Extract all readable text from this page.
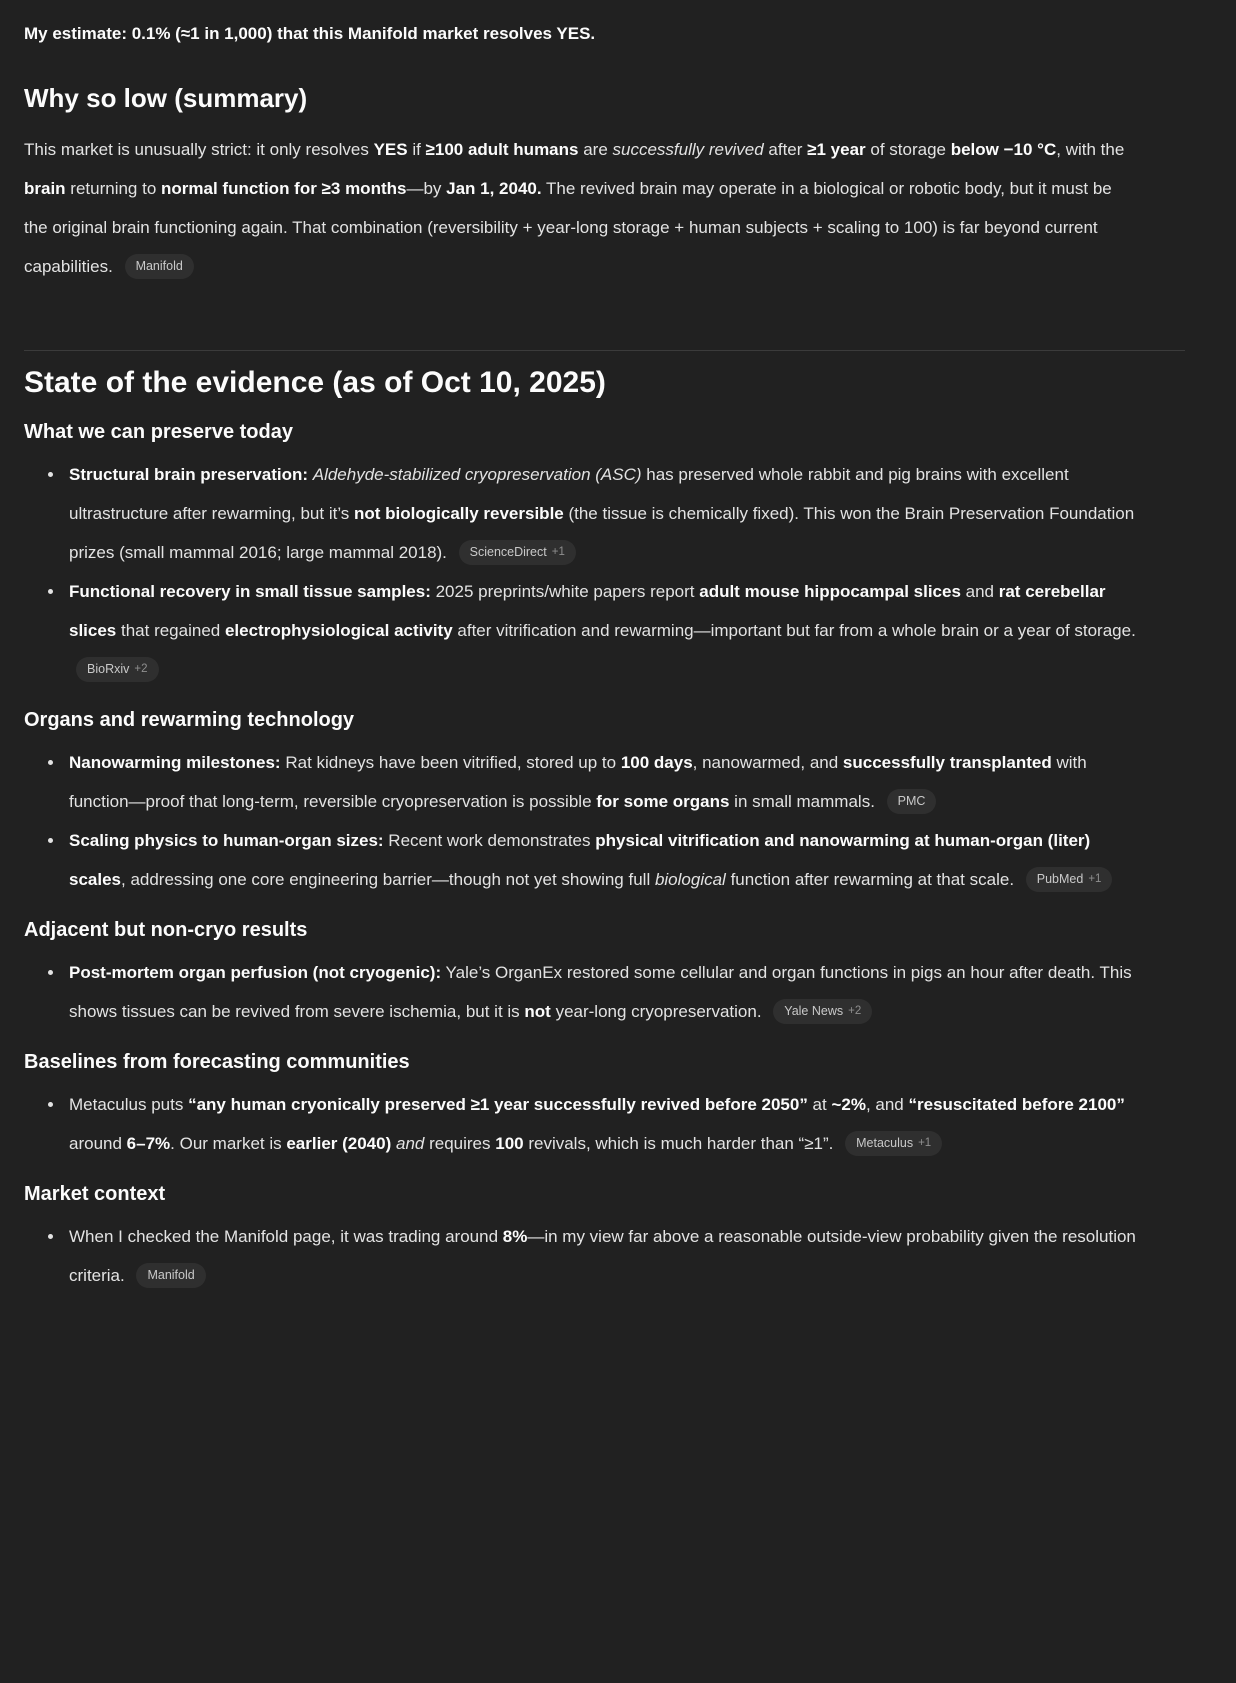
My estimate: 0.1% (≈1 in 1,000) that this Manifold market resolves YES.

Why so low (summary)

This market is unusually strict: it only resolves YES if ≥100 adult humans are successfully revived after ≥1 year of storage below −10 °C, with the brain returning to normal function for ≥3 months—by Jan 1, 2040. The revived brain may operate in a biological or robotic body, but it must be the original brain functioning again. That combination (reversibility + year-long storage + human subjects + scaling to 100) is far beyond current capabilities. Manifold

State of the evidence (as of Oct 10, 2025)
What we can preserve today
Structural brain preservation: Aldehyde-stabilized cryopreservation (ASC) has preserved whole rabbit and pig brains with excellent ultrastructure after rewarming, but it’s not biologically reversible (the tissue is chemically fixed). This won the Brain Preservation Foundation prizes (small mammal 2016; large mammal 2018). ScienceDirect +1
Functional recovery in small tissue samples: 2025 preprints/white papers report adult mouse hippocampal slices and rat cerebellar slices that regained electrophysiological activity after vitrification and rewarming—important but far from a whole brain or a year of storage.
BioRxiv +2
Organs and rewarming technology
Nanowarming milestones: Rat kidneys have been vitrified, stored up to 100 days, nanowarmed, and successfully transplanted with function—proof that long-term, reversible cryopreservation is possible for some organs in small mammals. PMC
Scaling physics to human-organ sizes: Recent work demonstrates physical vitrification and nanowarming at human-organ (liter) scales, addressing one core engineering barrier—though not yet showing full biological function after rewarming at that scale. PubMed +1
Adjacent but non-cryo results
Post-mortem organ perfusion (not cryogenic): Yale’s OrganEx restored some cellular and organ functions in pigs an hour after death. This shows tissues can be revived from severe ischemia, but it is not year-long cryopreservation. Yale News +2
Baselines from forecasting communities
Metaculus puts “any human cryonically preserved ≥1 year successfully revived before 2050” at ~2%, and “resuscitated before 2100” around 6–7%. Our market is earlier (2040) and requires 100 revivals, which is much harder than “≥1”. Metaculus +1
Market context
When I checked the Manifold page, it was trading around 8%—in my view far above a reasonable outside-view probability given the resolution criteria. Manifold
